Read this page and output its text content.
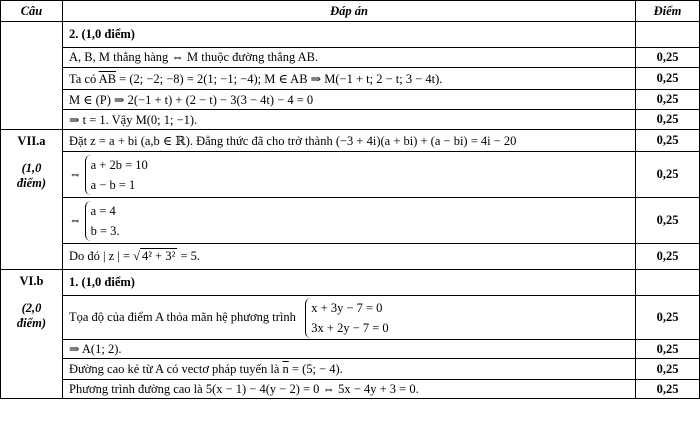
Câu	Đáp án	Điểm
	2. (1,0 điểm)	
	A, B, M thẳng hàng ⇔ M thuộc đường thẳng AB.	0,25
	Ta có $\overline{AB} = (2$; −2; −8) = 2(1; −1; −4); M ∈ AB ⇒ M(−1 + t; 2 − t; 3 − 4t).	0,25
	M ∈ (P) ⇒ 2(−1 + t) + (2 − t) − 3(3 − 4t) − 4 = 0	0,25
	⇒ t = 1. Vậy M(0; 1; −1).	0,25
VII.a
(1,0 điểm)	Đặt z = a + bi (a,b ∈ ℝ). Đẳng thức đã cho trở thành (−3 + 4i)(a + bi) + (a − bi) = 4i − 20	0,25
	⇔ a + 2b = 10
a − b = 1	0,25
	⇔ a = 4
b = 3.	0,25
	Do đó | z | = √ 4² + 3² = 5.	0,25
VI.b
(2,0 điểm)	1. (1,0 điểm)	
	Tọa độ của điểm A thỏa mãn hệ phương trình   x + 3y − 7 = 0
3x + 2y − 7 = 0	0,25
	⇒ A(1; 2).	0,25
	Đường cao kẻ từ A có vectơ pháp tuyến là $\overline{n} = (5$; − 4).	0,25
	Phương trình đường cao là 5(x − 1) − 4(y − 2) = 0 ⇔ 5x − 4y + 3 = 0.	0,25
